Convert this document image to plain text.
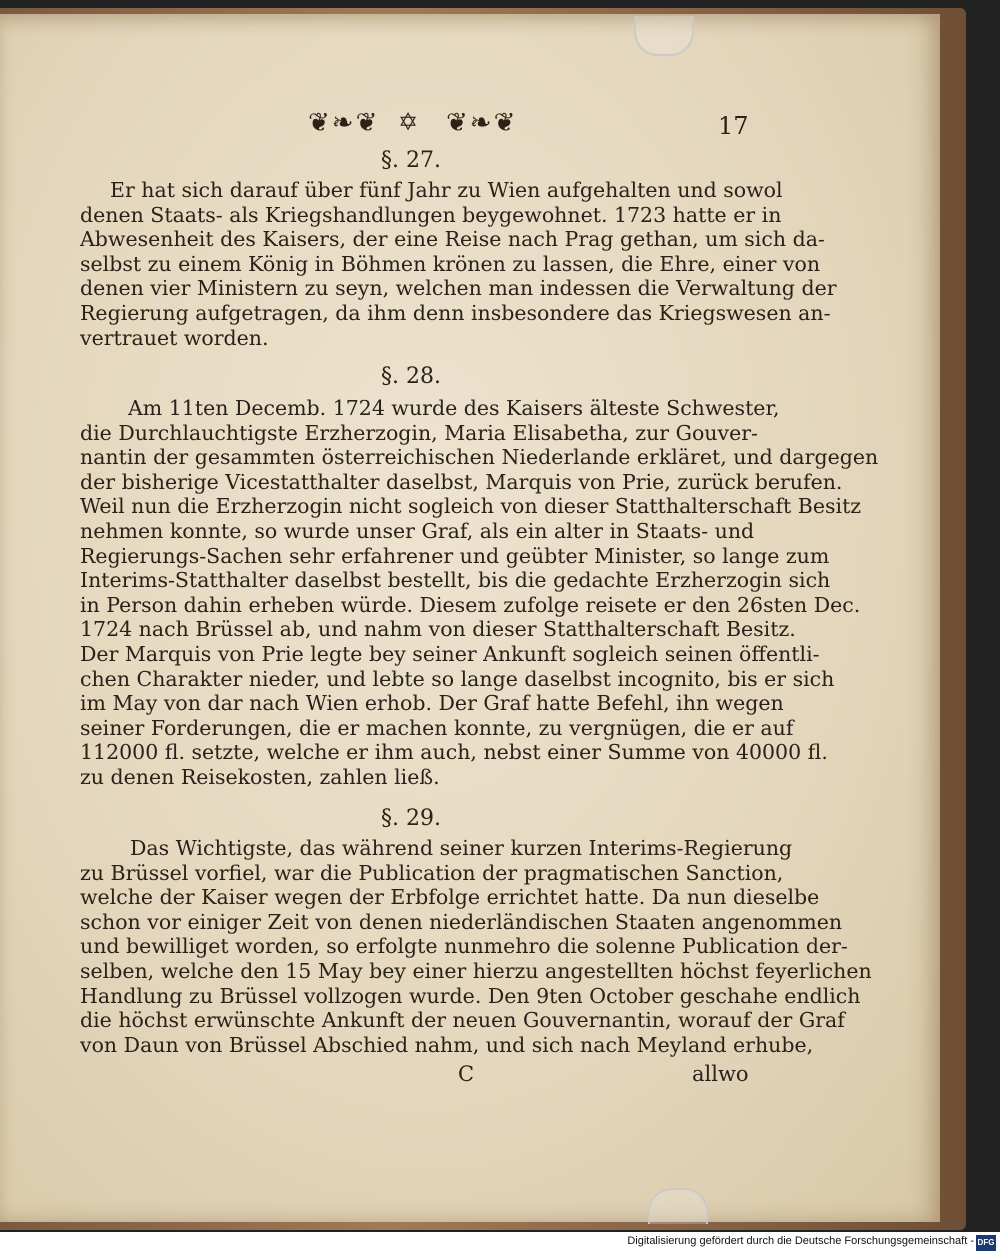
❦❧❦ ✡ ❦❧❦	17
§. 27.
Er hat sich darauf über fünf Jahr zu Wien aufgehalten und sowol
denen Staats- als Kriegshandlungen beygewohnet. 1723 hatte er in
Abwesenheit des Kaisers, der eine Reise nach Prag gethan, um sich da-
selbst zu einem König in Böhmen krönen zu lassen, die Ehre, einer von
denen vier Ministern zu seyn, welchen man indessen die Verwaltung der
Regierung aufgetragen, da ihm denn insbesondere das Kriegswesen an-
vertrauet worden.
§. 28.
Am 11ten Decemb. 1724 wurde des Kaisers älteste Schwester,
die Durchlauchtigste Erzherzogin, Maria Elisabetha, zur Gouver-
nantin der gesammten österreichischen Niederlande erkläret, und dargegen
der bisherige Vicestatthalter daselbst, Marquis von Prie, zurück berufen.
Weil nun die Erzherzogin nicht sogleich von dieser Statthalterschaft Besitz
nehmen konnte, so wurde unser Graf, als ein alter in Staats- und
Regierungs-Sachen sehr erfahrener und geübter Minister, so lange zum
Interims-Statthalter daselbst bestellt, bis die gedachte Erzherzogin sich
in Person dahin erheben würde. Diesem zufolge reisete er den 26sten Dec.
1724 nach Brüssel ab, und nahm von dieser Statthalterschaft Besitz.
Der Marquis von Prie legte bey seiner Ankunft sogleich seinen öffentli-
chen Charakter nieder, und lebte so lange daselbst incognito, bis er sich
im May von dar nach Wien erhob. Der Graf hatte Befehl, ihn wegen
seiner Forderungen, die er machen konnte, zu vergnügen, die er auf
112000 fl. setzte, welche er ihm auch, nebst einer Summe von 40000 fl.
zu denen Reisekosten, zahlen ließ.
§. 29.
Das Wichtigste, das während seiner kurzen Interims-Regierung
zu Brüssel vorfiel, war die Publication der pragmatischen Sanction,
welche der Kaiser wegen der Erbfolge errichtet hatte. Da nun dieselbe
schon vor einiger Zeit von denen niederländischen Staaten angenommen
und bewilliget worden, so erfolgte nunmehro die solenne Publication der-
selben, welche den 15 May bey einer hierzu angestellten höchst feyerlichen
Handlung zu Brüssel vollzogen wurde. Den 9ten October geschahe endlich
die höchst erwünschte Ankunft der neuen Gouvernantin, worauf der Graf
von Daun von Brüssel Abschied nahm, und sich nach Meyland erhube,
C	allwo
Digitalisierung gefördert durch die Deutsche Forschungsgemeinschaft - DFG
